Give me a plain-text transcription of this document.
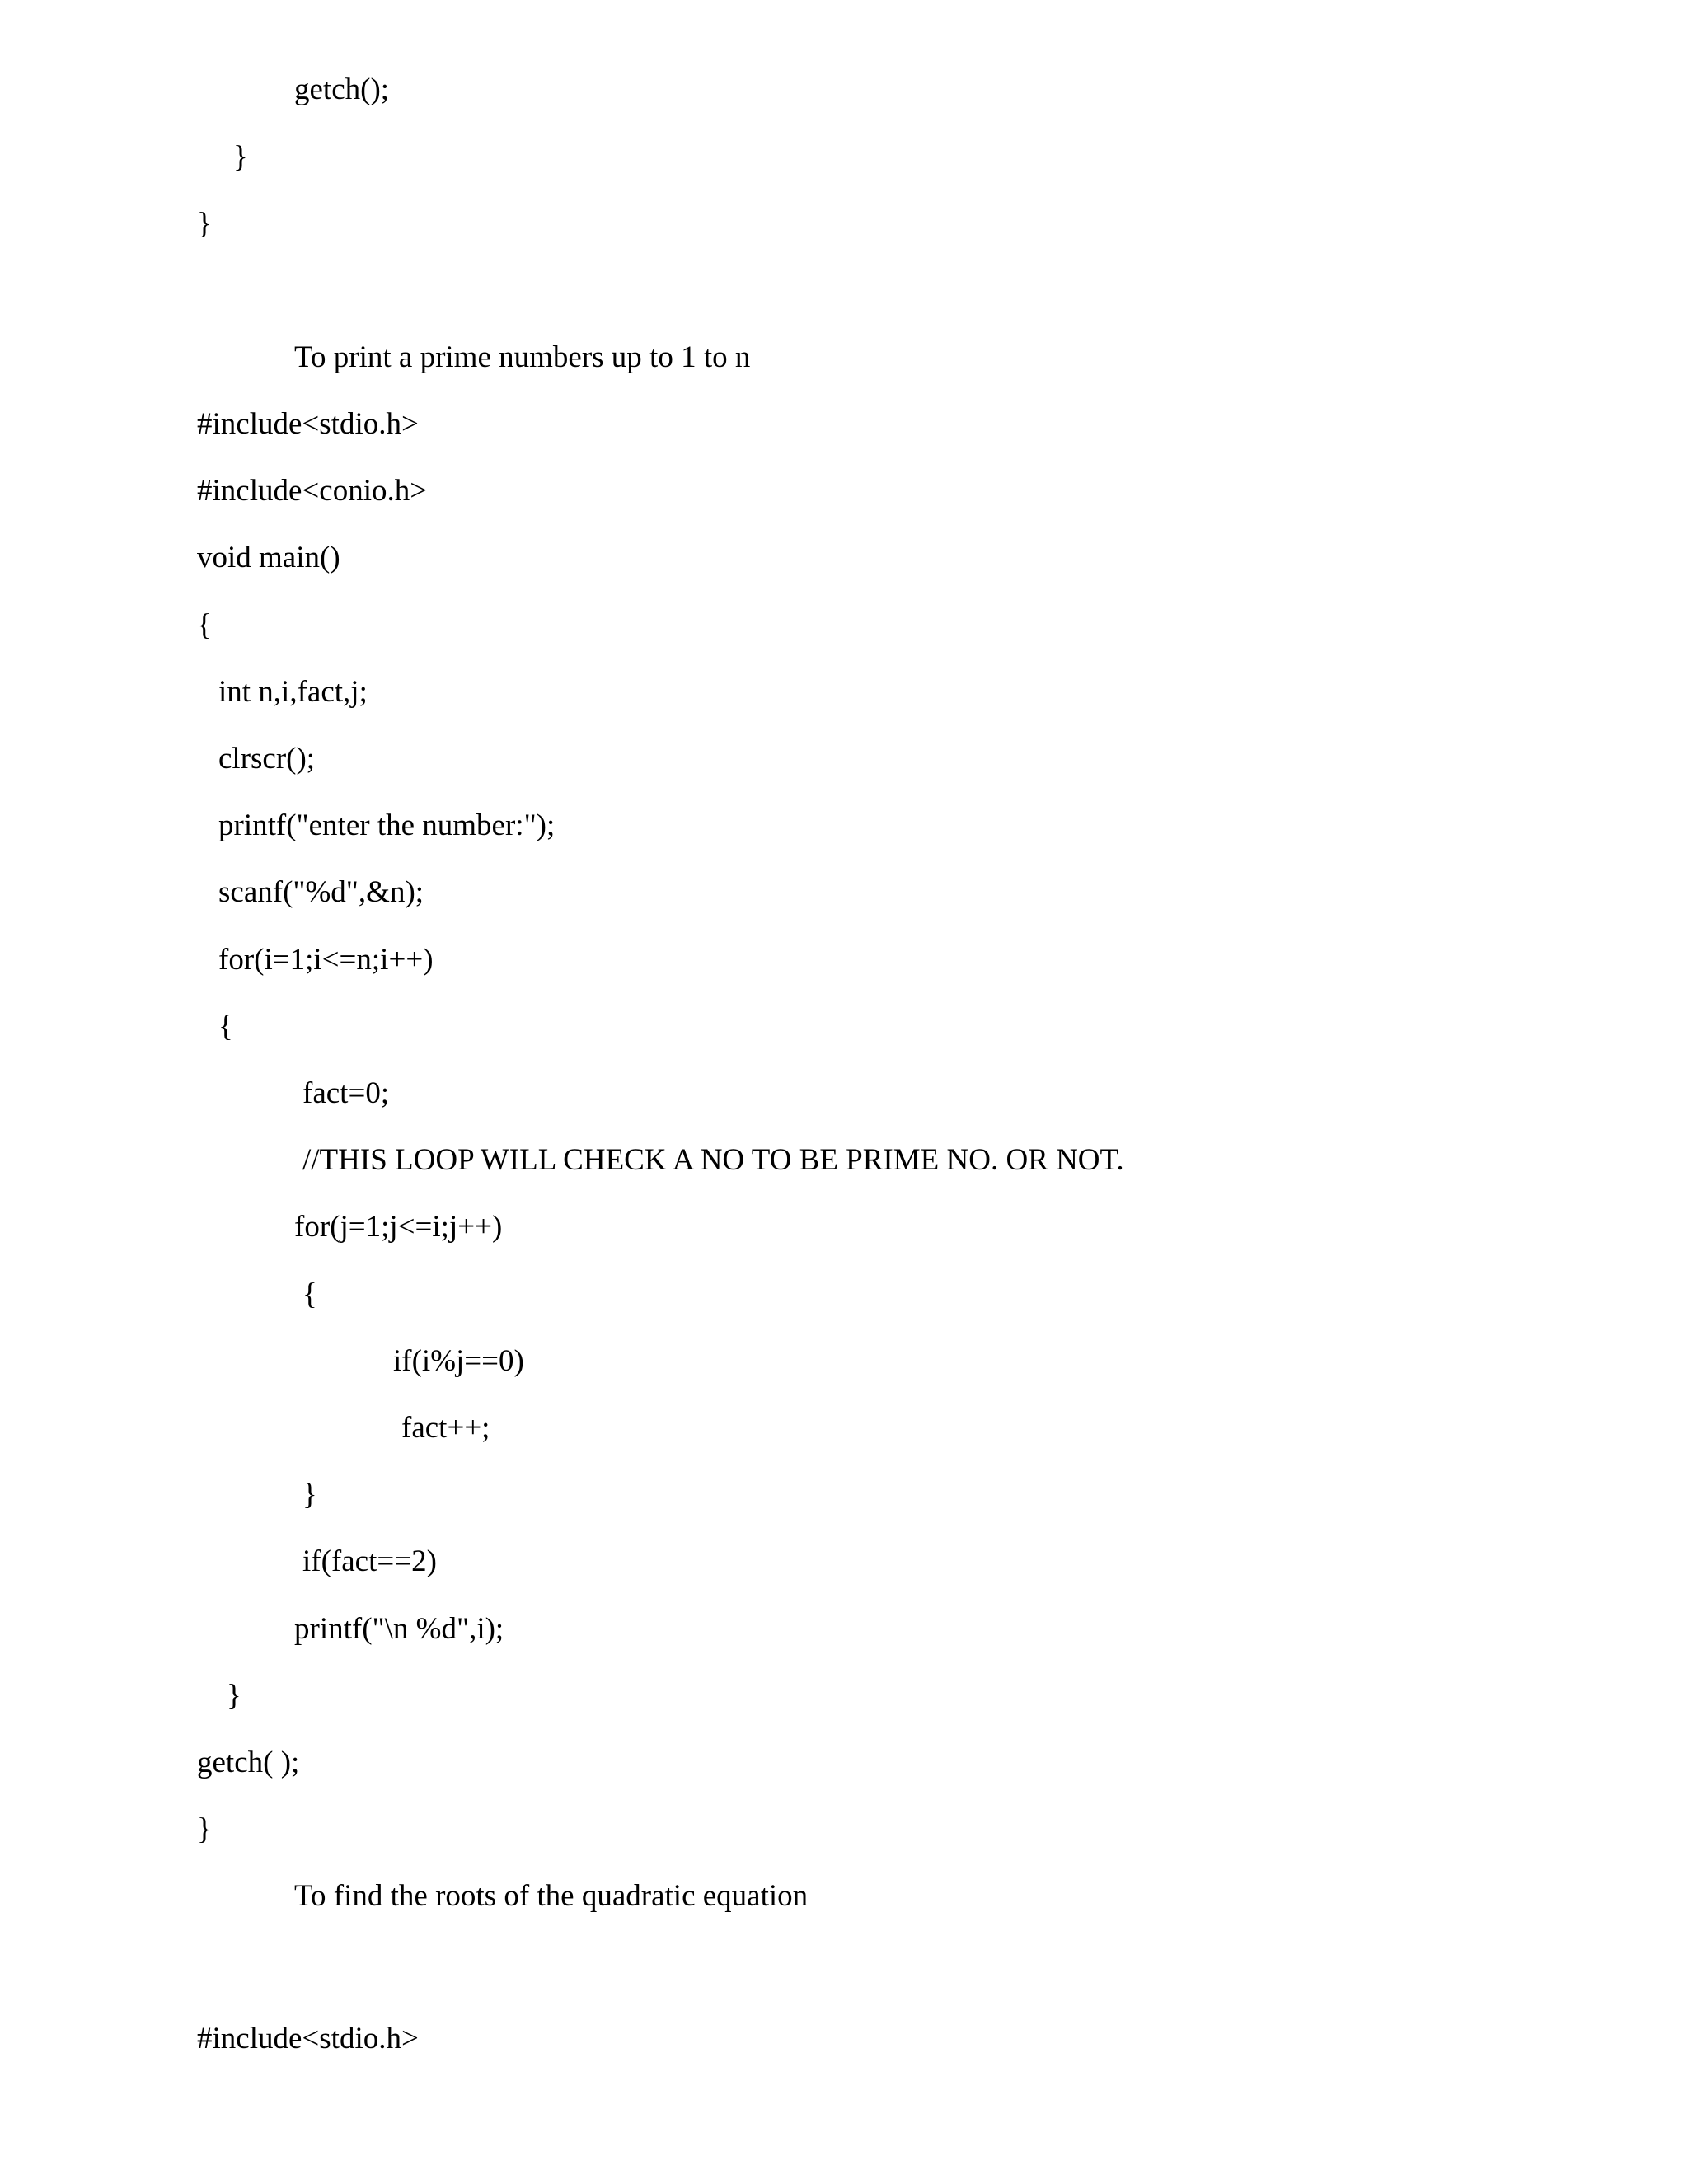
getch();

}

}

To print a prime numbers up to 1 to n

#include<stdio.h>

#include<conio.h>

void main()

{

int n,i,fact,j;

clrscr();

printf("enter the number:");

scanf("%d",&n);

for(i=1;i<=n;i++)

{

fact=0;

//THIS LOOP WILL CHECK A NO TO BE PRIME NO. OR NOT.

for(j=1;j<=i;j++)

{

if(i%j==0)

fact++;

}

if(fact==2)

printf("\n %d",i);

}

getch( );

}

To find the roots of the quadratic equation

#include<stdio.h>
